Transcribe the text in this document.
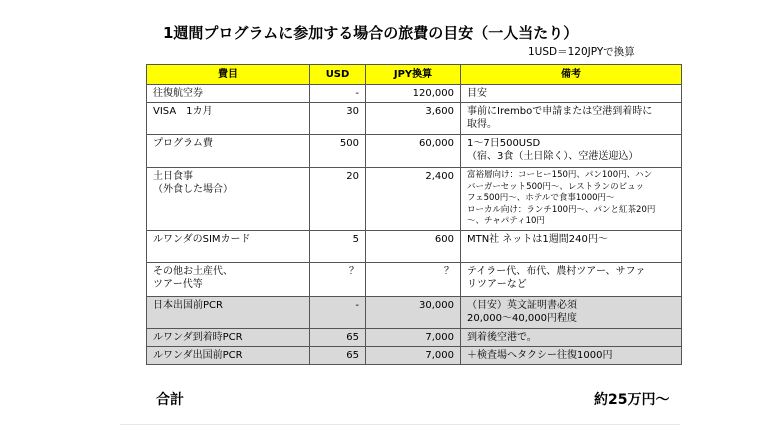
1週間プログラムに参加する場合の旅費の目安（一人当たり）
1USD＝120JPYで換算
費目	USD	JPY換算	備考
往復航空券	-	120,000	目安
VISA　1カ月	30	3,600	事前にIremboで申請または空港到着時に
取得。
プログラム費	500	60,000	1～7日500USD
（宿、3食（土日除く）、空港送迎込）
土日食事
（外食した場合）	20	2,400	富裕層向け：コーヒー150円、パン100円、ハン
バーガーセット500円～、レストランのビュッ
フェ500円～、ホテルで食事1000円～
ローカル向け：ランチ100円～、パンと紅茶20円
～、チャパティ10円
ルワンダのSIMカード	5	600	MTN社 ネットは1週間240円～
その他お土産代、
ツアー代等	？	？	テイラー代、布代、農村ツアー、サファ
リツアーなど
日本出国前PCR	-	30,000	（目安）英文証明書必須
20,000～40,000円程度
ルワンダ到着時PCR	65	7,000	到着後空港で。
ルワンダ出国前PCR	65	7,000	＋検査場へタクシー往復1000円
合計	約25万円～
